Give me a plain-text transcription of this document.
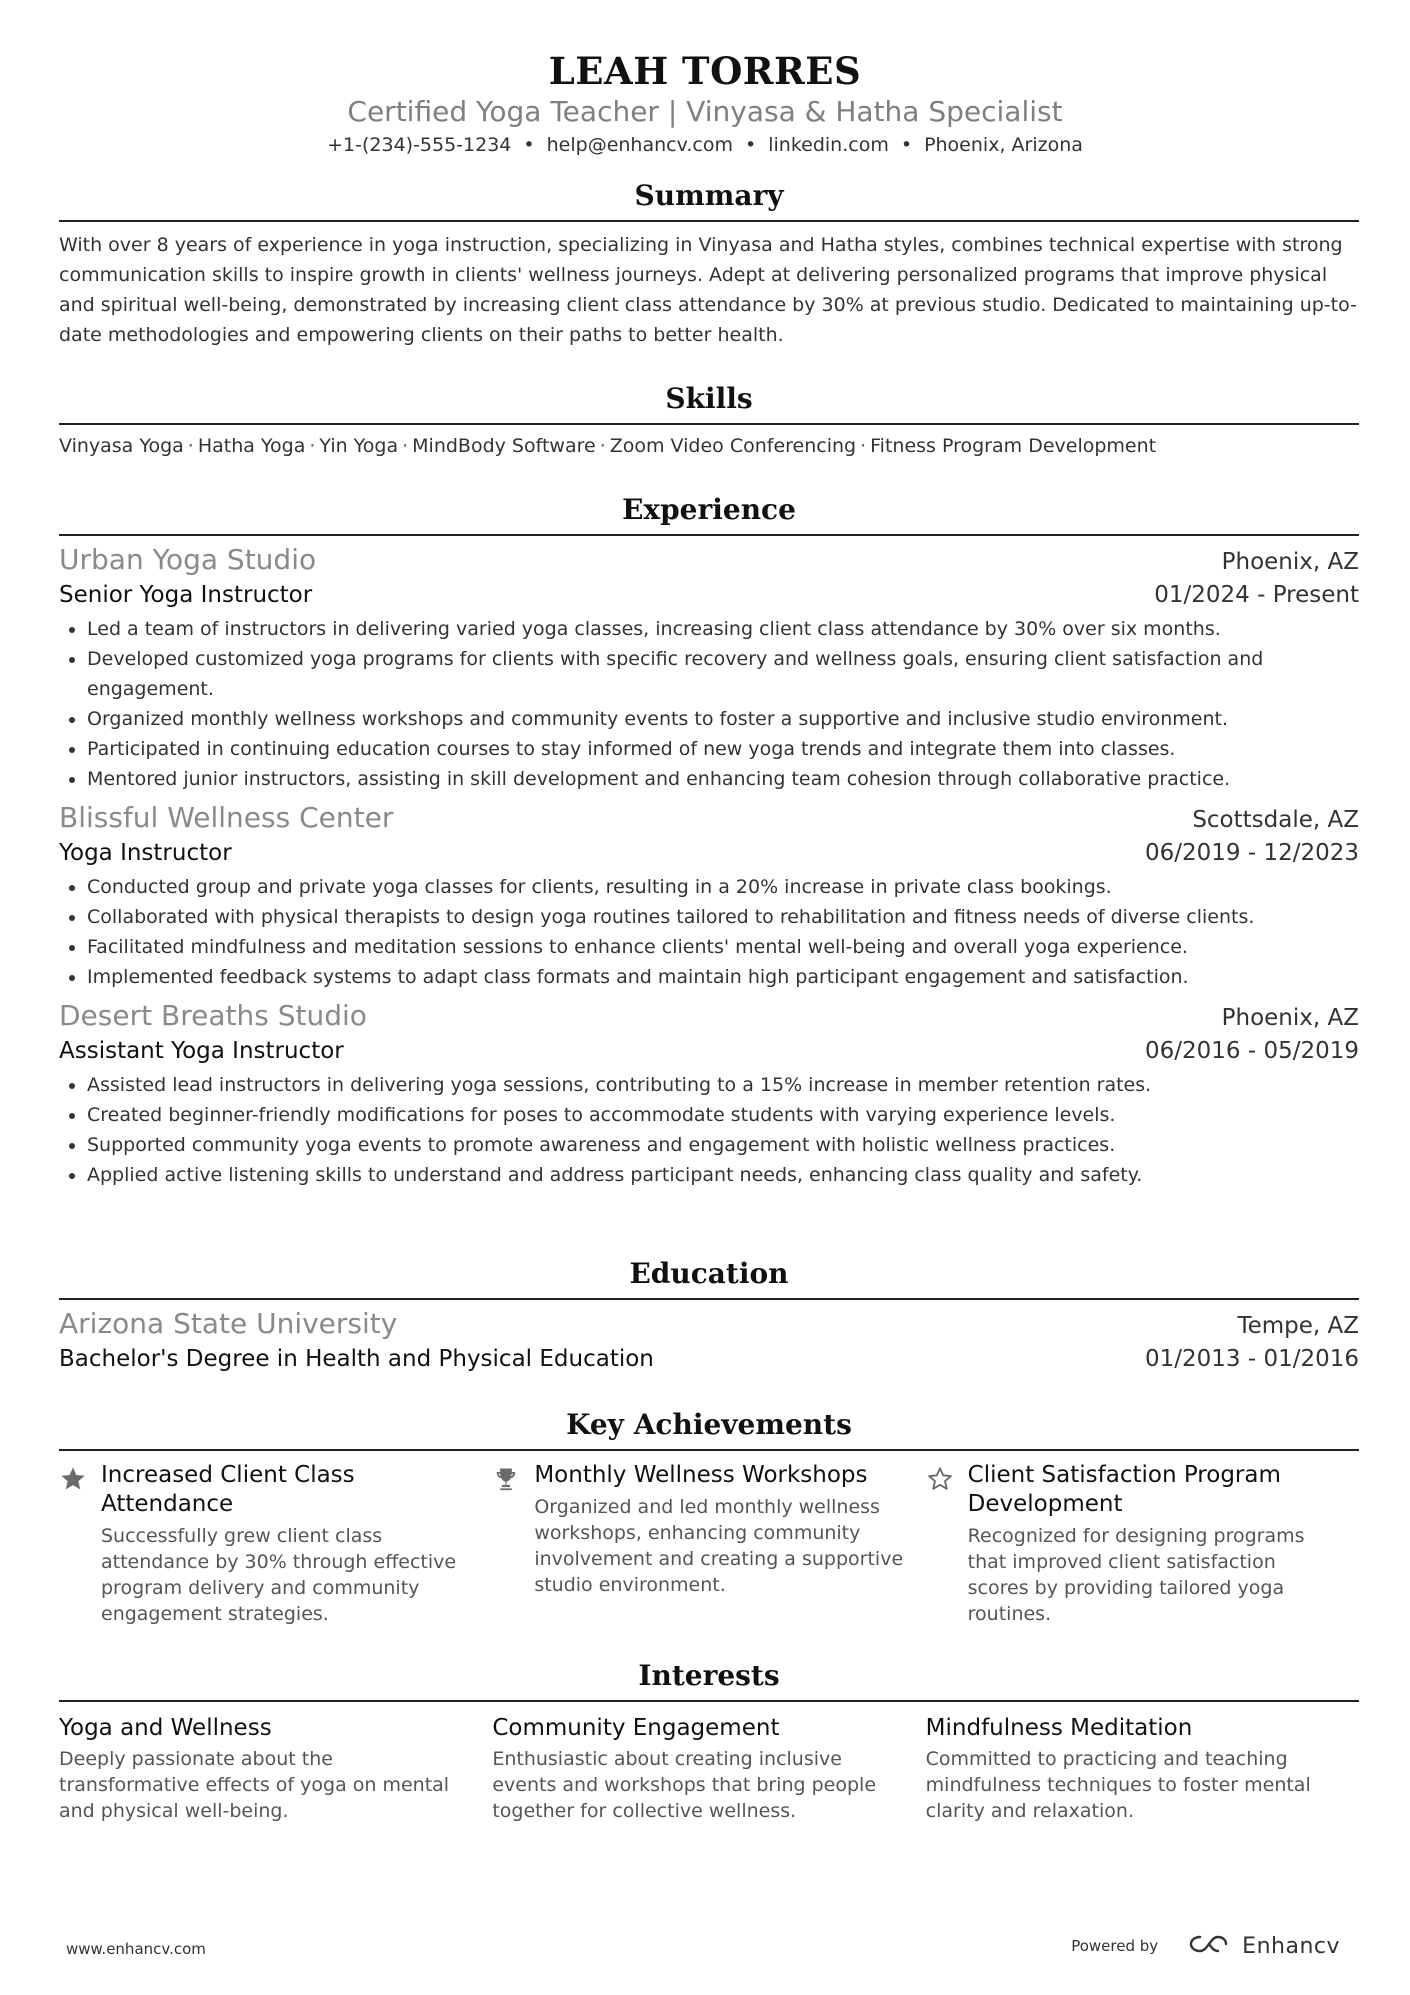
LEAH TORRES
Certified Yoga Teacher | Vinyasa & Hatha Specialist
+1-(234)-555-1234 • help@enhancv.com • linkedin.com • Phoenix, Arizona
Summary
With over 8 years of experience in yoga instruction, specializing in Vinyasa and Hatha styles, combines technical expertise with strong communication skills to inspire growth in clients' wellness journeys. Adept at delivering personalized programs that improve physical and spiritual well-being, demonstrated by increasing client class attendance by 30% at previous studio. Dedicated to maintaining up-to-date methodologies and empowering clients on their paths to better health.
Skills
Vinyasa Yoga · Hatha Yoga · Yin Yoga · MindBody Software · Zoom Video Conferencing · Fitness Program Development
Experience
Urban Yoga Studio	Phoenix, AZ
Senior Yoga Instructor	01/2024 - Present
• Led a team of instructors in delivering varied yoga classes, increasing client class attendance by 30% over six months.
• Developed customized yoga programs for clients with specific recovery and wellness goals, ensuring client satisfaction and engagement.
• Organized monthly wellness workshops and community events to foster a supportive and inclusive studio environment.
• Participated in continuing education courses to stay informed of new yoga trends and integrate them into classes.
• Mentored junior instructors, assisting in skill development and enhancing team cohesion through collaborative practice.
Blissful Wellness Center	Scottsdale, AZ
Yoga Instructor	06/2019 - 12/2023
• Conducted group and private yoga classes for clients, resulting in a 20% increase in private class bookings.
• Collaborated with physical therapists to design yoga routines tailored to rehabilitation and fitness needs of diverse clients.
• Facilitated mindfulness and meditation sessions to enhance clients' mental well-being and overall yoga experience.
• Implemented feedback systems to adapt class formats and maintain high participant engagement and satisfaction.
Desert Breaths Studio	Phoenix, AZ
Assistant Yoga Instructor	06/2016 - 05/2019
• Assisted lead instructors in delivering yoga sessions, contributing to a 15% increase in member retention rates.
• Created beginner-friendly modifications for poses to accommodate students with varying experience levels.
• Supported community yoga events to promote awareness and engagement with holistic wellness practices.
• Applied active listening skills to understand and address participant needs, enhancing class quality and safety.
Education
Arizona State University	Tempe, AZ
Bachelor's Degree in Health and Physical Education	01/2013 - 01/2016
Key Achievements
Increased Client Class Attendance
Successfully grew client class attendance by 30% through effective program delivery and community engagement strategies.
Monthly Wellness Workshops
Organized and led monthly wellness workshops, enhancing community involvement and creating a supportive studio environment.
Client Satisfaction Program Development
Recognized for designing programs that improved client satisfaction scores by providing tailored yoga routines.
Interests
Yoga and Wellness
Deeply passionate about the transformative effects of yoga on mental and physical well-being.
Community Engagement
Enthusiastic about creating inclusive events and workshops that bring people together for collective wellness.
Mindfulness Meditation
Committed to practicing and teaching mindfulness techniques to foster mental clarity and relaxation.
www.enhancv.com	Powered by	Enhancv
